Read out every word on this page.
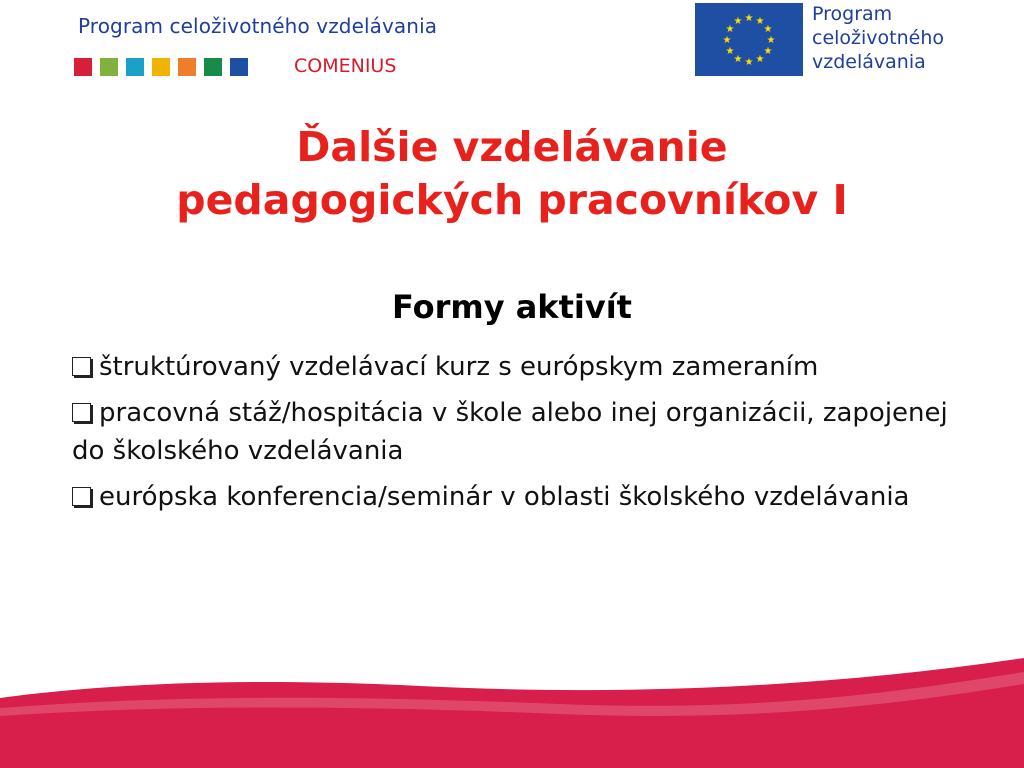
Program celoživotného vzdelávania
COMENIUS
★ ★
★
★
★
★
★
★
★
★
★
★	Program
celoživotného
vzdelávania
Ďalšie vzdelávanie
pedagogických pracovníkov I
Formy aktivít
štruktúrovaný vzdelávací kurz s európskym zameraním
pracovná stáž/hospitácia v škole alebo inej organizácii, zapojenej do školského vzdelávania
európska konferencia/seminár v oblasti školského vzdelávania
